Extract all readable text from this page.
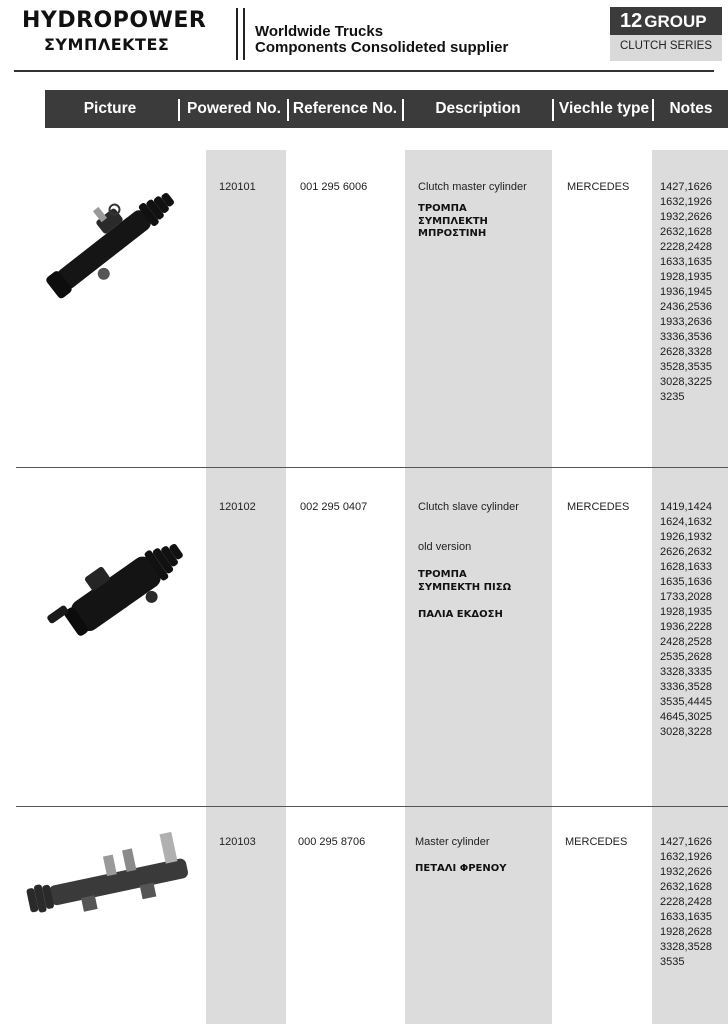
HYDROPOWER
ΣΥΜΠΛΕΚΤΕΣ
Worldwide Trucks
Components Consolideted supplier
12 GROUP
CLUTCH SERIES
Picture	Powered No. Reference No.	Description	Viechle type	Notes
120101	001 295 6006	Clutch master cylinder
ΤΡΟΜΠΑ
ΣΥΜΠΛΕΚΤΗ
ΜΠΡΟΣΤΙΝΗ
MERCEDES	1427,1626
1632,1926
1932,2626
2632,1628
2228,2428
1633,1635
1928,1935
1936,1945
2436,2536
1933,2636
3336,3536
2628,3328
3528,3535
3028,3225
3235
120102	002 295 0407	Clutch slave cylinder
old version
ΤΡΟΜΠΑ
ΣΥΜΠΕΚΤΗ ΠΙΣΩ
ΠΑΛΙΑ ΕΚΔΟΣΗ
MERCEDES	1419,1424
1624,1632
1926,1932
2626,2632
1628,1633
1635,1636
1733,2028
1928,1935
1936,2228
2428,2528
2535,2628
3328,3335
3336,3528
3535,4445
4645,3025
3028,3228
120103	000 295 8706	Master cylinder
ΠΕΤΑΛΙ ΦΡΕΝΟΥ
MERCEDES	1427,1626
1632,1926
1932,2626
2632,1628
2228,2428
1633,1635
1928,2628
3328,3528
3535
